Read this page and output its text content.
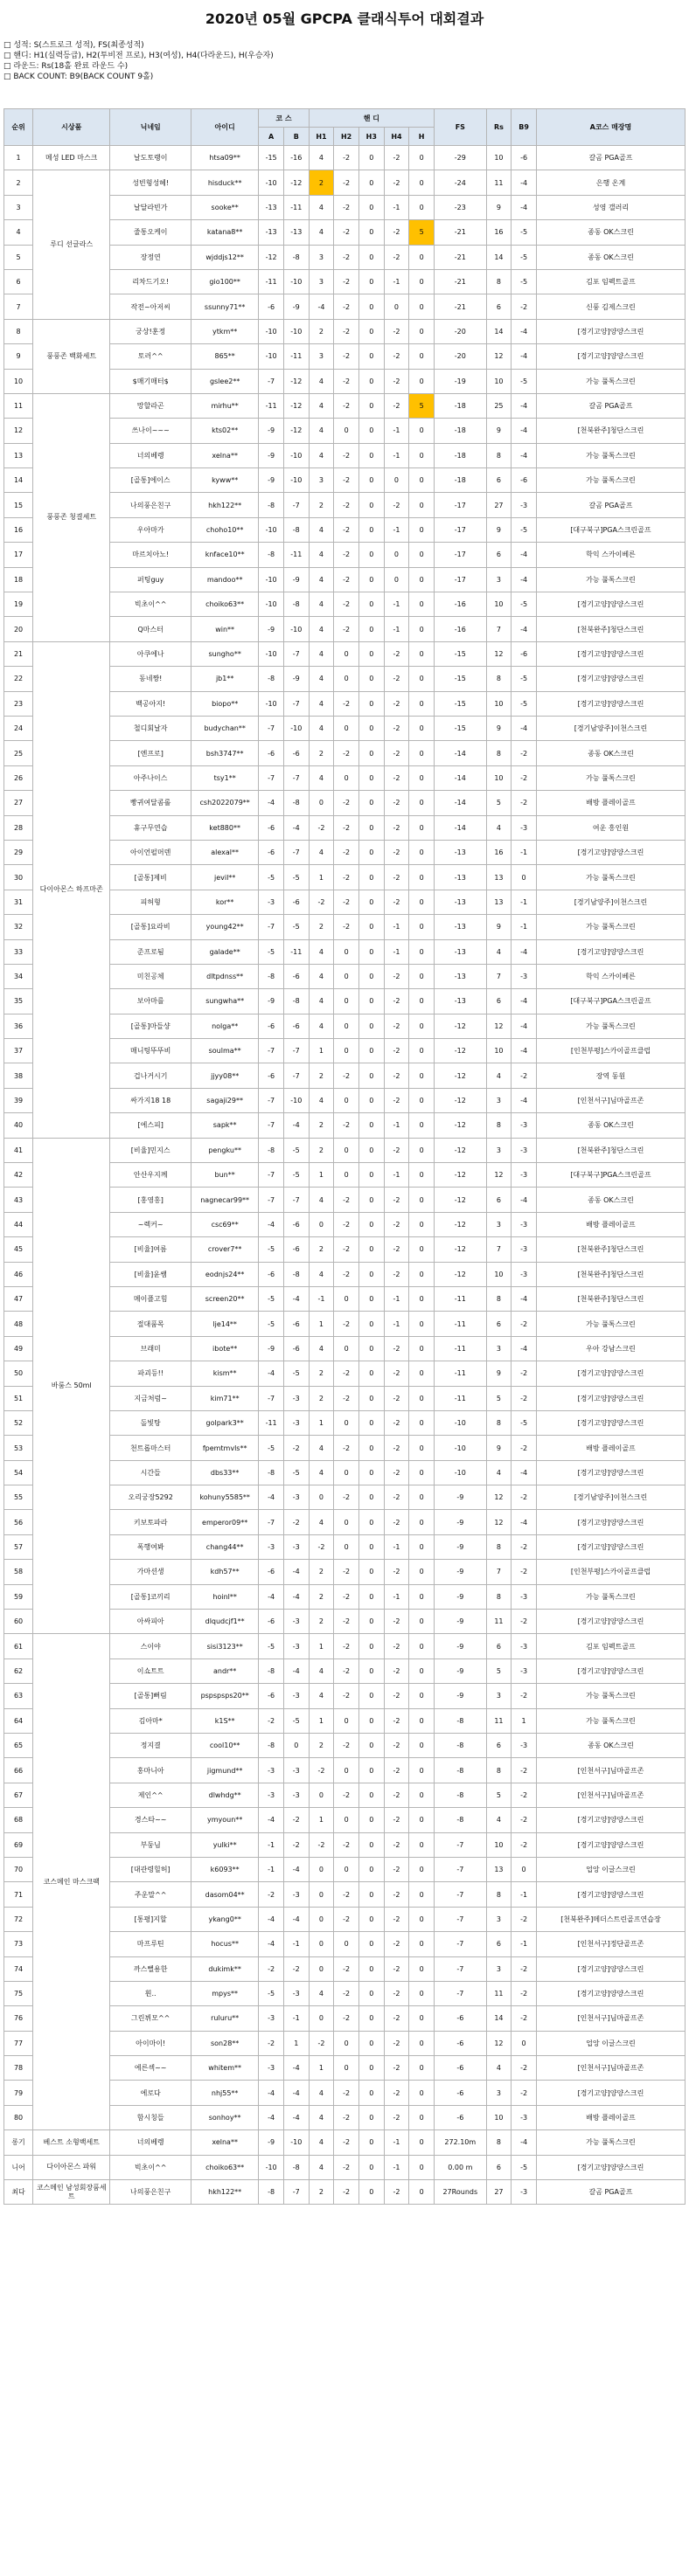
2020년 05월 GPCPA 클래식투어 대회결과
□ 성적: S(스트로크 성적), FS(최종성적)
□ 핸디: H1(실력등급), H2(투비전 프로), H3(여성), H4(다라운드), H(우승자)
□ 라운드: Rs(18홀 완료 라운드 수)
□ BACK COUNT: B9(BACK COUNT 9홀)
순위	시상품	닉네임	아이디	코 스		핸 디					FS	Rs	B9	A코스 매장명
				A	B	H1	H2	H3	H4	H				
1	메성 LED 마스크	날도토랭이	htsa09**	-15	-16	4	-2	0	-2	0	-29	10	-6	갈곰 PGA골프
2	루디 선글라스	성빈형성혜!	hisduck**	-10	-12	2	-2	0	-2	0	-24	11	-4	은행 온계
3		날달라빈가	sooke**	-13	-11	4	-2	0	-1	0	-23	9	-4	성영 갤러리
4		줄통오케이	katana8**	-13	-13	4	-2	0	-2	5	-21	16	-5	종동 OK스크린
5		장정연	wjddjs12**	-12	-8	3	-2	0	-2	0	-21	14	-5	종동 OK스크린
6		리차드기오!	gio100**	-11	-10	3	-2	0	-1	0	-21	8	-5	김포 임펙트골프
7		작전~아저씨	ssunny71**	-6	-9	-4	-2	0	0	0	-21	6	-2	신풍 김제스크린
8	풍풍존 백화세트	궁상!훈정	ytkm**	-10	-10	2	-2	0	-2	0	-20	14	-4	[경기고양]양양스크린
9		토러^^	865**	-10	-11	3	-2	0	-2	0	-20	12	-4	[경기고양]양양스크린
10		$매기매터$	gslee2**	-7	-12	4	-2	0	-2	0	-19	10	-5	가능 풀톡스크린
11	풍풍존 청결세트	망할라곤	mirhu**	-11	-12	4	-2	0	-2	5	-18	25	-4	갈곰 PGA골프
12		쓰나이~~~	kts02**	-9	-12	4	0	0	-1	0	-18	9	-4	[천북완주]청단스크린
13		너의베렝	xelna**	-9	-10	4	-2	0	-1	0	-18	8	-4	가능 풀톡스크린
14		[골통]에이스	kyww**	-9	-10	3	-2	0	0	0	-18	6	-6	가능 풀톡스크린
15		나의풍은친구	hkh122**	-8	-7	2	-2	0	-2	0	-17	27	-3	갈곰 PGA골프
16		우아마가	choho10**	-10	-8	4	-2	0	-1	0	-17	9	-5	[대구북구]PGA스크린골프
17		마르치아노!	knface10**	-8	-11	4	-2	0	0	0	-17	6	-4	학익 스카이베른
18		퍼팅guy	mandoo**	-10	-9	4	-2	0	0	0	-17	3	-4	가능 풀톡스크린
19		빅초이^^	choiko63**	-10	-8	4	-2	0	-1	0	-16	10	-5	[경기고양]양양스크린
20		Q마스터	win**	-9	-10	4	-2	0	-1	0	-16	7	-4	[천북완주]청단스크린
21	다이아몬스 하프마존	아쿠에나	sungho**	-10	-7	4	0	0	-2	0	-15	12	-6	[경기고양]양양스크린
22		동네짱!	jb1**	-8	-9	4	0	0	-2	0	-15	8	-5	[경기고양]양양스크린
23		백공아지!	biopo**	-10	-7	4	-2	0	-2	0	-15	10	-5	[경기고양]양양스크린
24		철디회날자	budychan**	-7	-10	4	0	0	-2	0	-15	9	-4	[경기남양주]이천스크린
25		[엔프로]	bsh3747**	-6	-6	2	-2	0	-2	0	-14	8	-2	종동 OK스크린
26		아주나이스	tsy1**	-7	-7	4	0	0	-2	0	-14	10	-2	가능 풀톡스크린
27		빵귀여달콤롤	csh2022079**	-4	-8	0	-2	0	-2	0	-14	5	-2	배방 플레이골프
28		휴구무연습	ket880**	-6	-4	-2	-2	0	-2	0	-14	4	-3	여운 흥인원
29		아이언펄머덴	alexal**	-6	-7	4	-2	0	-2	0	-13	16	-1	[경기고양]양양스크린
30		[골통]제비	jevil**	-5	-5	1	-2	0	-2	0	-13	13	0	가능 풀톡스크린
31		피허형	kor**	-3	-6	-2	-2	0	-2	0	-13	13	-1	[경기남양주]이천스크린
32		[골통]요라비	young42**	-7	-5	2	-2	0	-1	0	-13	9	-1	가능 풀톡스크린
33		준프로됨	galade**	-5	-11	4	0	0	-1	0	-13	4	-4	[경기고양]양양스크린
34		미친공체	dltpdnss**	-8	-6	4	0	0	-2	0	-13	7	-3	학익 스카이베른
35		보아마를	sungwha**	-9	-8	4	0	0	-2	0	-13	6	-4	[대구북구]PGA스크린골프
36		[골통]마들샹	nolga**	-6	-6	4	0	0	-2	0	-12	12	-4	가능 풀톡스크린
37		매니팅뚜뚜비	soulma**	-7	-7	1	0	0	-2	0	-12	10	-4	[인천부평]스카이골프클럽
38		겁나거시기	jjyy08**	-6	-7	2	-2	0	-2	0	-12	4	-2	장역 동원
39		싸가지18 18	sagaji29**	-7	-10	4	0	0	-2	0	-12	3	-4	[인천서구]님마골프존
40		[에스피]	sapk**	-7	-4	2	-2	0	-1	0	-12	8	-3	종동 OK스크린
41	바룸스 50ml	[비율]민지스	pengku**	-8	-5	2	0	0	-2	0	-12	3	-3	[천북완주]청단스크린
42		안산우지께	bun**	-7	-5	1	0	0	-1	0	-12	12	-3	[대구북구]PGA스크린골프
43		[홍영홍]	nagnecar99**	-7	-7	4	-2	0	-2	0	-12	6	-4	종동 OK스크린
44		~렉커~	csc69**	-4	-6	0	-2	0	-2	0	-12	3	-3	배방 플레이골프
45		[비율]여름	crover7**	-5	-6	2	-2	0	-2	0	-12	7	-3	[천북완주]청단스크린
46		[비율]윤쌤	eodnjs24**	-6	-8	4	-2	0	-2	0	-12	10	-3	[천북완주]청단스크린
47		메이플고힘	screen20**	-5	-4	-1	0	0	-1	0	-11	8	-4	[천북완주]청단스크린
48		절대품목	lje14**	-5	-6	1	-2	0	-1	0	-11	6	-2	가능 풀톡스크린
49		브래미	ibote**	-9	-6	4	0	0	-2	0	-11	3	-4	우아 강남스크린
50		파괴등!!	kism**	-4	-5	2	-2	0	-2	0	-11	9	-2	[경기고양]양양스크린
51		지금처럼~	kim71**	-7	-3	2	-2	0	-2	0	-11	5	-2	[경기고양]양양스크린
52		돌빛탕	golpark3**	-11	-3	1	0	0	-2	0	-10	8	-5	[경기고양]양양스크린
53		천트롭마스터	fpemtmvls**	-5	-2	4	-2	0	-2	0	-10	9	-2	배방 플레이골프
54		시간들	dbs33**	-8	-5	4	0	0	-2	0	-10	4	-4	[경기고양]양양스크린
55		오리궁장5292	kohuny5585**	-4	-3	0	-2	0	-2	0	-9	12	-2	[경기남양주]이천스크린
56		키보토파라	emperor09**	-7	-2	4	0	0	-2	0	-9	12	-4	[경기고양]양양스크린
57		폭행여봐	chang44**	-3	-3	-2	0	0	-1	0	-9	8	-2	[경기고양]양양스크린
58		가마션생	kdh57**	-6	-4	2	-2	0	-2	0	-9	7	-2	[인천부평]스카이골프클럽
59		[골통]코끼리	hoinl**	-4	-4	2	-2	0	-1	0	-9	8	-3	가능 풀톡스크린
60		아싸피아	dlqudcjf1**	-6	-3	2	-2	0	-2	0	-9	11	-2	[경기고양]양양스크린
61	코스메인 마스크팩	스이야	sisi3123**	-5	-3	1	-2	0	-2	0	-9	6	-3	김포 임펙트골프
62		이쇼트트	andr**	-8	-4	4	-2	0	-2	0	-9	5	-3	[경기고양]양양스크린
63		[골통]뻐림	pspspsps20**	-6	-3	4	-2	0	-2	0	-9	3	-2	가능 풀톡스크린
64		김아마*	k1S**	-2	-5	1	0	0	-2	0	-8	11	1	가능 풀톡스크린
65		정지결	cool10**	-8	0	2	-2	0	-2	0	-8	6	-3	종동 OK스크린
66		홍마니아	jigmund**	-3	-3	-2	0	0	-2	0	-8	8	-2	[인천서구]님마골프존
67		제인^^	dlwhdg**	-3	-3	0	-2	0	-2	0	-8	5	-2	[인천서구]님마골프존
68		경스타~~	ymyoun**	-4	-2	1	0	0	-2	0	-8	4	-2	[경기고양]양양스크린
69		부둥님	yulki**	-1	-2	-2	-2	0	-2	0	-7	10	-2	[경기고양]양양스크린
70		[대관령힐허]	k6093**	-1	-4	0	0	0	-2	0	-7	13	0	업앙 이글스크린
71		주운말^^	dasom04**	-2	-3	0	-2	0	-2	0	-7	8	-1	[경기고양]양양스크린
72		[통평]지할	ykang0**	-4	-4	0	-2	0	-2	0	-7	3	-2	[천북완주]메더스트린골프연습장
73		마프루틴	hocus**	-4	-1	0	0	0	-2	0	-7	6	-1	[인천서구]정단골프존
74		까스뻘용한	dukimk**	-2	-2	0	-2	0	-2	0	-7	3	-2	[경기고양]양양스크린
75		휜..	mpys**	-5	-3	4	-2	0	-2	0	-7	11	-2	[경기고양]양양스크린
76		그린뷔모^^	ruluru**	-3	-1	0	-2	0	-2	0	-6	14	-2	[인천서구]님마골프존
77		아이마이!	son28**	-2	1	-2	0	0	-2	0	-6	12	0	업앙 이글스크린
78		에른섹~~	whitem**	-3	-4	1	0	0	-2	0	-6	4	-2	[인천서구]님마골프존
79		에로다	nhj55**	-4	-4	4	-2	0	-2	0	-6	3	-2	[경기고양]양양스크린
80		함시칭들	sonhoy**	-4	-4	4	-2	0	-2	0	-6	10	-3	배방 플레이골프
롱기	베스트 소형백세트	너의베렝	xelna**	-9	-10	4	-2	0	-1	0	272.10m	8	-4	가능 풀톡스크린
니어	다이아몬스 파워	빅초이^^	choiko63**	-10	-8	4	-2	0	-1	0	0.00 m	6	-5	[경기고양]양양스크린
최다	코스메인 남성회장품세트	나의풍은친구	hkh122**	-8	-7	2	-2	0	-2	0	27Rounds	27	-3	갈곰 PGA골프
